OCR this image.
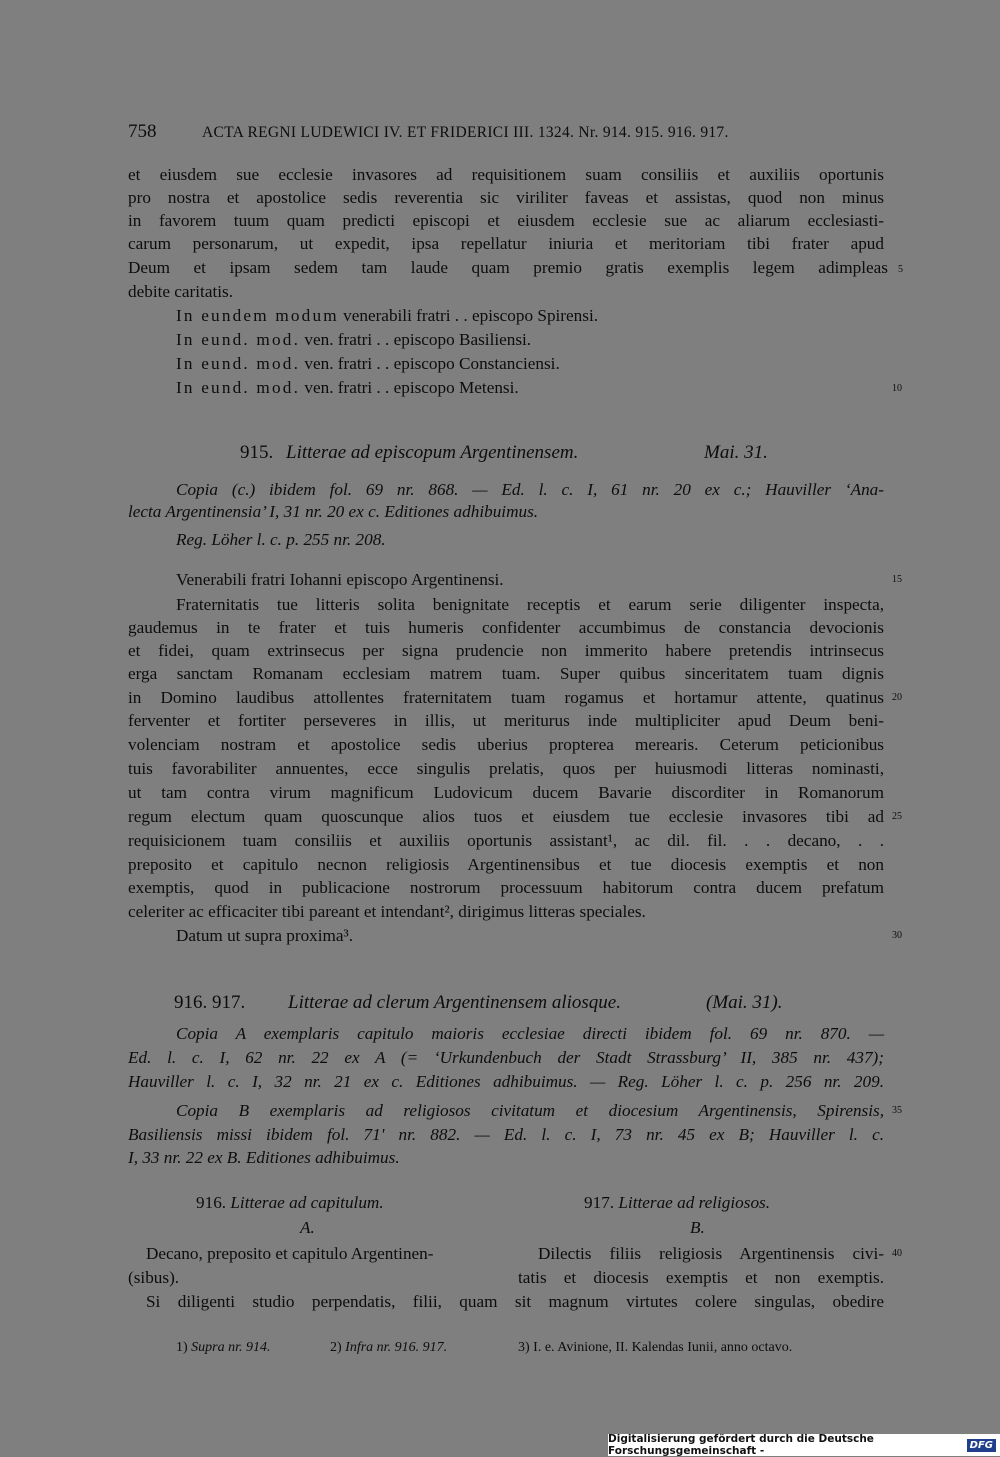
758	ACTA REGNI LUDEWICI IV. ET FRIDERICI III. 1324. Nr. 914. 915. 916. 917.
et eiusdem sue ecclesie invasores ad requisitionem suam consiliis et auxiliis oportunis
pro nostra et apostolice sedis reverentia sic viriliter faveas et assistas, quod non minus
in favorem tuum quam predicti episcopi et eiusdem ecclesie sue ac aliarum ecclesiasti-
carum personarum, ut expedit, ipsa repellatur iniuria et meritoriam tibi frater apud
Deum et ipsam sedem tam laude quam premio gratis exemplis legem adimpleas
debite caritatis.
In eundem modum venerabili fratri . . episcopo Spirensi.
In eund. mod. ven. fratri . . episcopo Basiliensi.
In eund. mod. ven. fratri . . episcopo Constanciensi.
In eund. mod. ven. fratri . . episcopo Metensi.
915. Litterae ad episcopum Argentinensem.	Mai. 31.
Copia (c.) ibidem fol. 69 nr. 868. — Ed. l. c. I, 61 nr. 20 ex c.; Hauviller ‘Ana-
lecta Argentinensia’ I, 31 nr. 20 ex c. Editiones adhibuimus.
Reg. Löher l. c. p. 255 nr. 208.
Venerabili fratri Iohanni episcopo Argentinensi.
Fraternitatis tue litteris solita benignitate receptis et earum serie diligenter inspecta,
gaudemus in te frater et tuis humeris confidenter accumbimus de constancia devocionis
et fidei, quam extrinsecus per signa prudencie non immerito habere pretendis intrinsecus
erga sanctam Romanam ecclesiam matrem tuam. Super quibus sinceritatem tuam dignis
in Domino laudibus attollentes fraternitatem tuam rogamus et hortamur attente, quatinus
ferventer et fortiter perseveres in illis, ut meriturus inde multipliciter apud Deum beni-
volenciam nostram et apostolice sedis uberius propterea merearis. Ceterum peticionibus
tuis favorabiliter annuentes, ecce singulis prelatis, quos per huiusmodi litteras nominasti,
ut tam contra virum magnificum Ludovicum ducem Bavarie discorditer in Romanorum
regum electum quam quoscunque alios tuos et eiusdem tue ecclesie invasores tibi ad
requisicionem tuam consiliis et auxiliis oportunis assistant¹, ac dil. fil. . . decano, . .
preposito et capitulo necnon religiosis Argentinensibus et tue diocesis exemptis et non
exemptis, quod in publicacione nostrorum processuum habitorum contra ducem prefatum
celeriter ac efficaciter tibi pareant et intendant², dirigimus litteras speciales.
Datum ut supra proxima³.
916. 917. Litterae ad clerum Argentinensem aliosque.	(Mai. 31).
Copia A exemplaris capitulo maioris ecclesiae directi ibidem fol. 69 nr. 870. —
Ed. l. c. I, 62 nr. 22 ex A (= ‘Urkundenbuch der Stadt Strassburg’ II, 385 nr. 437);
Hauviller l. c. I, 32 nr. 21 ex c. Editiones adhibuimus. — Reg. Löher l. c. p. 256 nr. 209.
Copia B exemplaris ad religiosos civitatum et diocesium Argentinensis, Spirensis,
Basiliensis missi ibidem fol. 71' nr. 882. — Ed. l. c. I, 73 nr. 45 ex B; Hauviller l. c.
I, 33 nr. 22 ex B. Editiones adhibuimus.
916. Litterae ad capitulum.
A.
Decano, preposito et capitulo Argentinen-
(sibus).
917. Litterae ad religiosos.
B.
Dilectis filiis religiosis Argentinensis civi-
tatis et diocesis exemptis et non exemptis.
Si diligenti studio perpendatis, filii, quam sit magnum virtutes colere singulas, obedire
5
10
15
20
25
30
35
40
1) Supra nr. 914.	2) Infra nr. 916. 917.	3) I. e. Avinione, II. Kalendas Iunii, anno octavo.
Digitalisierung gefördert durch die Deutsche Forschungsgemeinschaft -	DFG
